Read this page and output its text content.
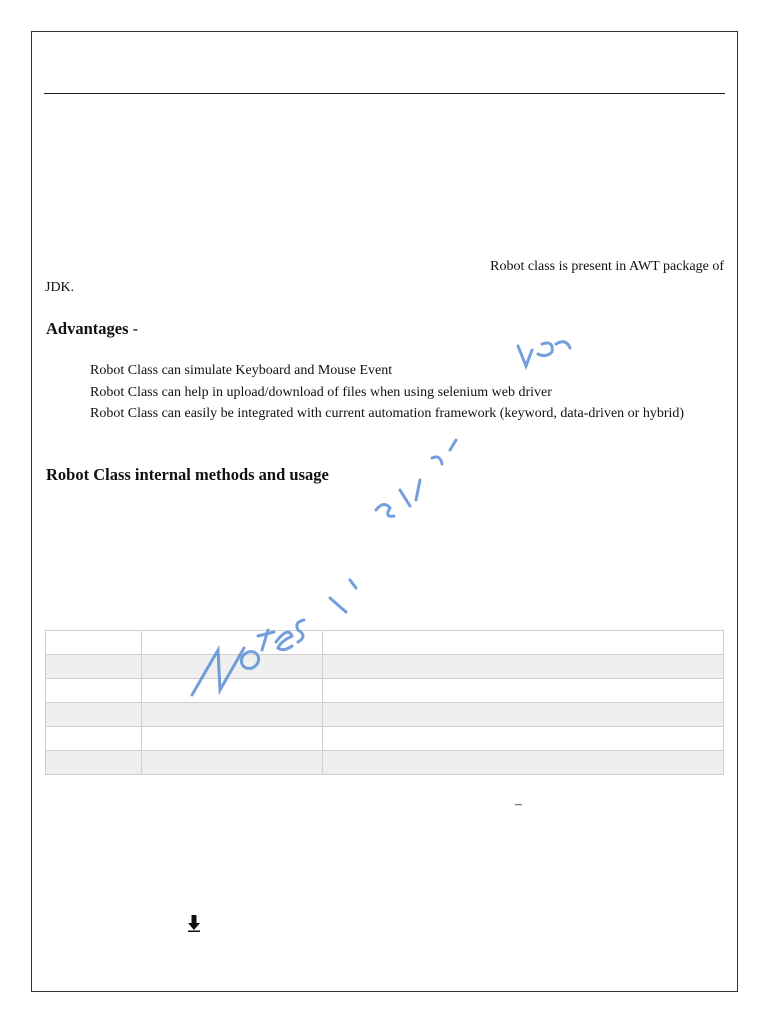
Robot class is present in AWT package of
JDK.
Advantages -
Robot Class can simulate Keyboard and Mouse Event
Robot Class can help in upload/download of files when using selenium web driver
Robot Class can easily be integrated with current automation framework (keyword, data-driven or hybrid)
Robot Class internal methods and usage

–
